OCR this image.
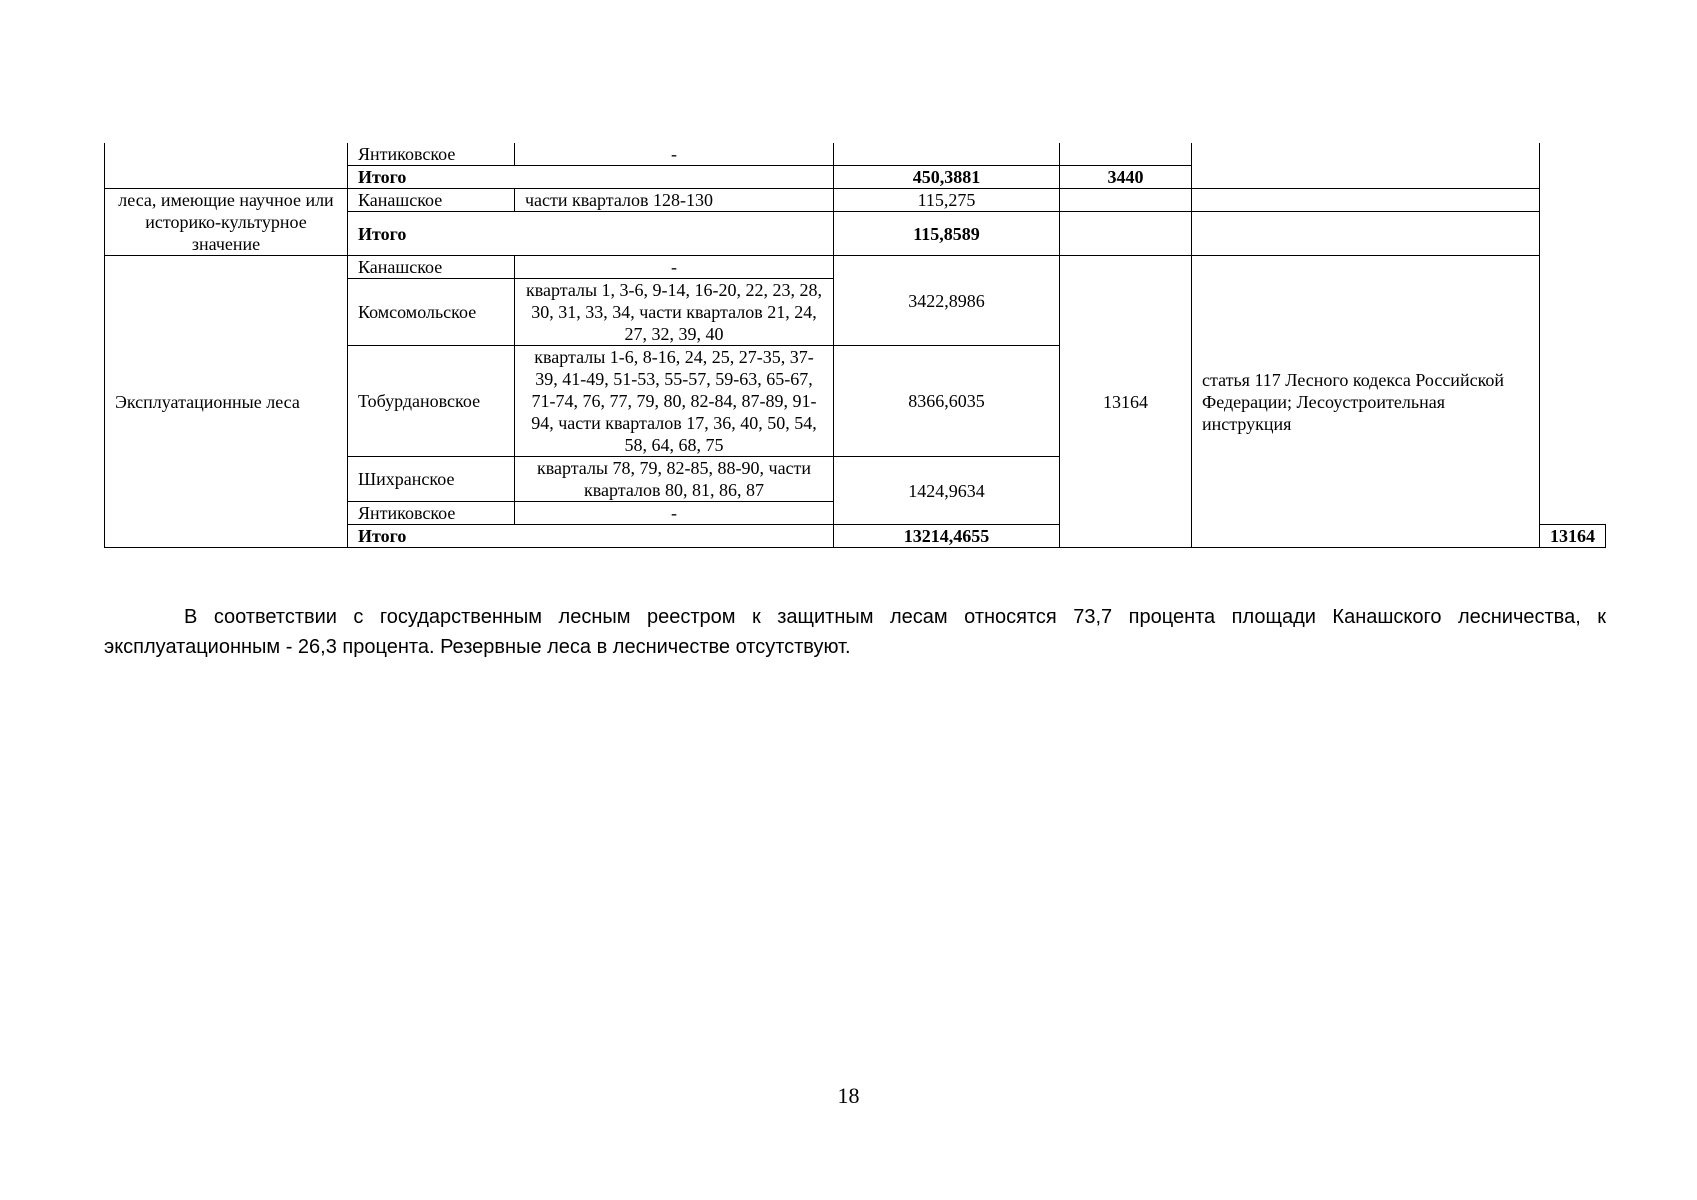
	Янтиковское	-				
	Итого		450,3881	3440		
леса, имеющие научное или историко-культурное значение	Канашское	части кварталов 128-130	115,275			
	Итого		115,8589			
Эксплуатационные леса	Канашское	-	3422,8986	13164	статья 117 Лесного кодекса Российской Федерации; Лесоустроительная инструкция	
	Комсомольское	кварталы 1, 3-6, 9-14, 16-20, 22, 23, 28, 30, 31, 33, 34, части кварталов 21, 24, 27, 32, 39, 40				
	Тобурдановское	кварталы 1-6, 8-16, 24, 25, 27-35, 37-39, 41-49, 51-53, 55-57, 59-63, 65-67, 71-74, 76, 77, 79, 80, 82-84, 87-89, 91-94, части кварталов 17, 36, 40, 50, 54, 58, 64, 68, 75	8366,6035			
	Шихранское	кварталы 78, 79, 82-85, 88-90, части кварталов 80, 81, 86, 87	1424,9634			
	Янтиковское	-				
	Итого		13214,4655			13164

В соответствии с государственным лесным реестром к защитным лесам относятся 73,7 процента площади Канашского лесничества, к эксплуатационным - 26,3 процента. Резервные леса в лесничестве отсутствуют.

18
